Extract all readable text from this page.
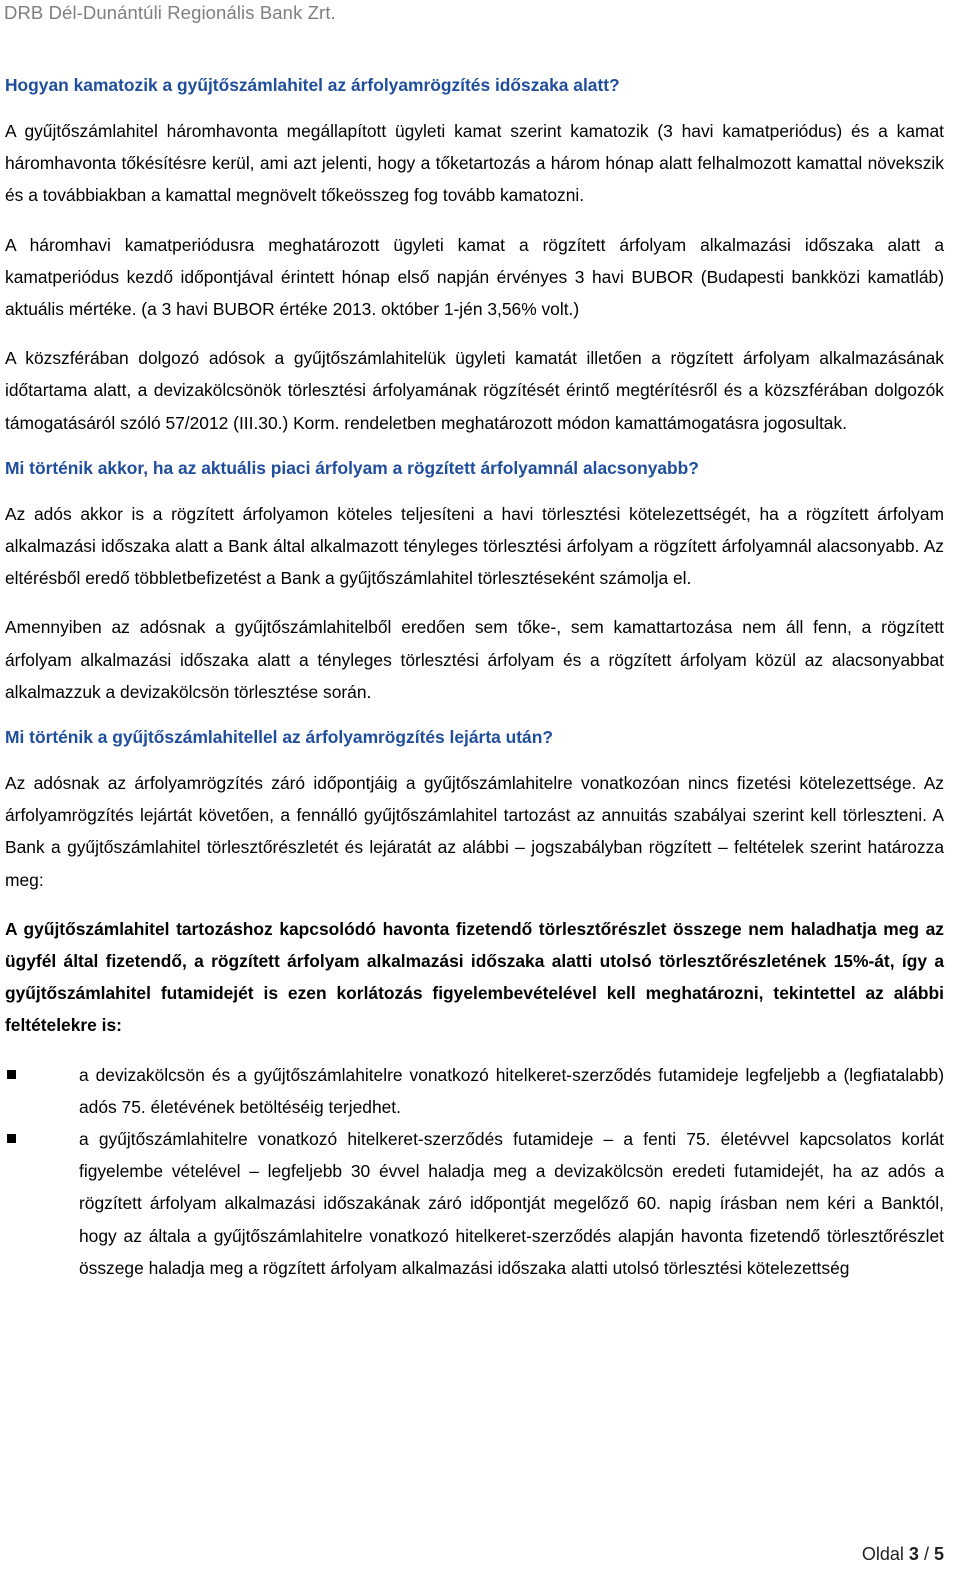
DRB Dél-Dunántúli Regionális Bank Zrt.

Hogyan kamatozik a gyűjtőszámlahitel az árfolyamrögzítés időszaka alatt?

A gyűjtőszámlahitel háromhavonta megállapított ügyleti kamat szerint kamatozik (3 havi kamatperiódus) és a kamat háromhavonta tőkésítésre kerül, ami azt jelenti, hogy a tőketartozás a három hónap alatt felhalmozott kamattal növekszik és a továbbiakban a kamattal megnövelt tőkeösszeg fog tovább kamatozni.

A háromhavi kamatperiódusra meghatározott ügyleti kamat a rögzített árfolyam alkalmazási időszaka alatt a kamatperiódus kezdő időpontjával érintett hónap első napján érvényes 3 havi BUBOR (Budapesti bankközi kamatláb) aktuális mértéke. (a 3 havi BUBOR értéke 2013. október 1-jén 3,56% volt.)

A közszférában dolgozó adósok a gyűjtőszámlahitelük ügyleti kamatát illetően a rögzített árfolyam alkalmazásának időtartama alatt, a devizakölcsönök törlesztési árfolyamának rögzítését érintő megtérítésről és a közszférában dolgozók támogatásáról szóló 57/2012 (III.30.) Korm. rendeletben meghatározott módon kamattámogatásra jogosultak.

Mi történik akkor, ha az aktuális piaci árfolyam a rögzített árfolyamnál alacsonyabb?

Az adós akkor is a rögzített árfolyamon köteles teljesíteni a havi törlesztési kötelezettségét, ha a rögzített árfolyam alkalmazási időszaka alatt a Bank által alkalmazott tényleges törlesztési árfolyam a rögzített árfolyamnál alacsonyabb. Az eltérésből eredő többletbefizetést a Bank a gyűjtőszámlahitel törlesztéseként számolja el.

Amennyiben az adósnak a gyűjtőszámlahitelből eredően sem tőke-, sem kamattartozása nem áll fenn, a rögzített árfolyam alkalmazási időszaka alatt a tényleges törlesztési árfolyam és a rögzített árfolyam közül az alacsonyabbat alkalmazzuk a devizakölcsön törlesztése során.

Mi történik a gyűjtőszámlahitellel az árfolyamrögzítés lejárta után?

Az adósnak az árfolyamrögzítés záró időpontjáig a gyűjtőszámlahitelre vonatkozóan nincs fizetési kötelezettsége. Az árfolyamrögzítés lejártát követően, a fennálló gyűjtőszámlahitel tartozást az annuitás szabályai szerint kell törleszteni. A Bank a gyűjtőszámlahitel törlesztőrészletét és lejáratát az alábbi – jogszabályban rögzített – feltételek szerint határozza meg:

A gyűjtőszámlahitel tartozáshoz kapcsolódó havonta fizetendő törlesztőrészlet összege nem haladhatja meg az ügyfél által fizetendő, a rögzített árfolyam alkalmazási időszaka alatti utolsó törlesztőrészletének 15%-át, így a gyűjtőszámlahitel futamidejét is ezen korlátozás figyelembevételével kell meghatározni, tekintettel az alábbi feltételekre is:

a devizakölcsön és a gyűjtőszámlahitelre vonatkozó hitelkeret-szerződés futamideje legfeljebb a (legfiatalabb) adós 75. életévének betöltéséig terjedhet.
a gyűjtőszámlahitelre vonatkozó hitelkeret-szerződés futamideje – a fenti 75. életévvel kapcsolatos korlát figyelembe vételével – legfeljebb 30 évvel haladja meg a devizakölcsön eredeti futamidejét, ha az adós a rögzített árfolyam alkalmazási időszakának záró időpontját megelőző 60. napig írásban nem kéri a Banktól, hogy az általa a gyűjtőszámlahitelre vonatkozó hitelkeret-szerződés alapján havonta fizetendő törlesztőrészlet összege haladja meg a rögzített árfolyam alkalmazási időszaka alatti utolsó törlesztési kötelezettség
Oldal 3 / 5
